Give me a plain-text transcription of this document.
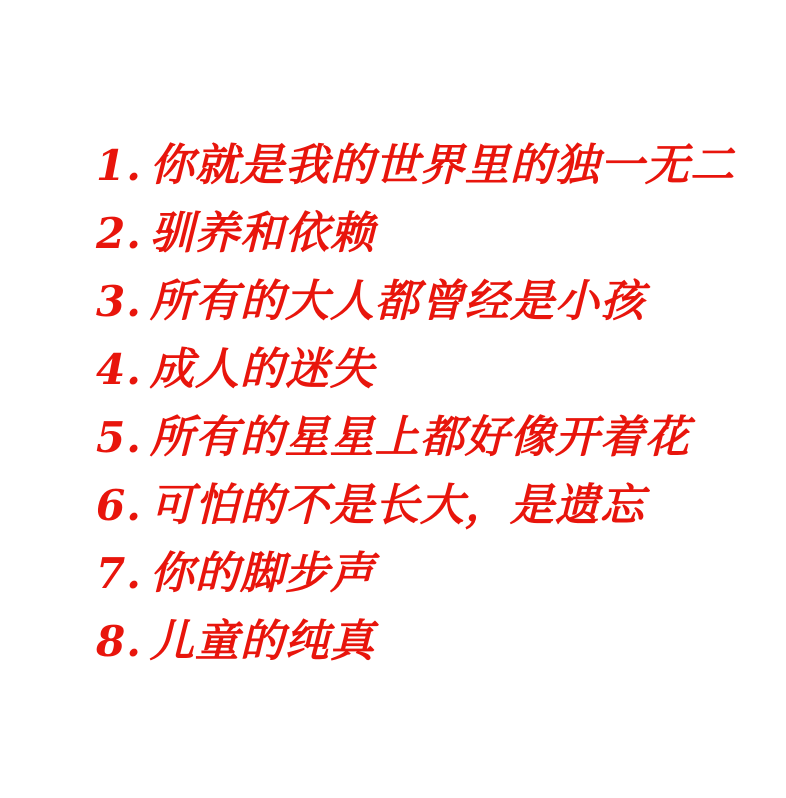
1. 你就是我的世界里的独一无二
2. 驯养和依赖
3. 所有的大人都曾经是小孩
4. 成人的迷失
5. 所有的星星上都好像开着花
6. 可怕的不是长大，是遗忘
7. 你的脚步声
8. 儿童的纯真
